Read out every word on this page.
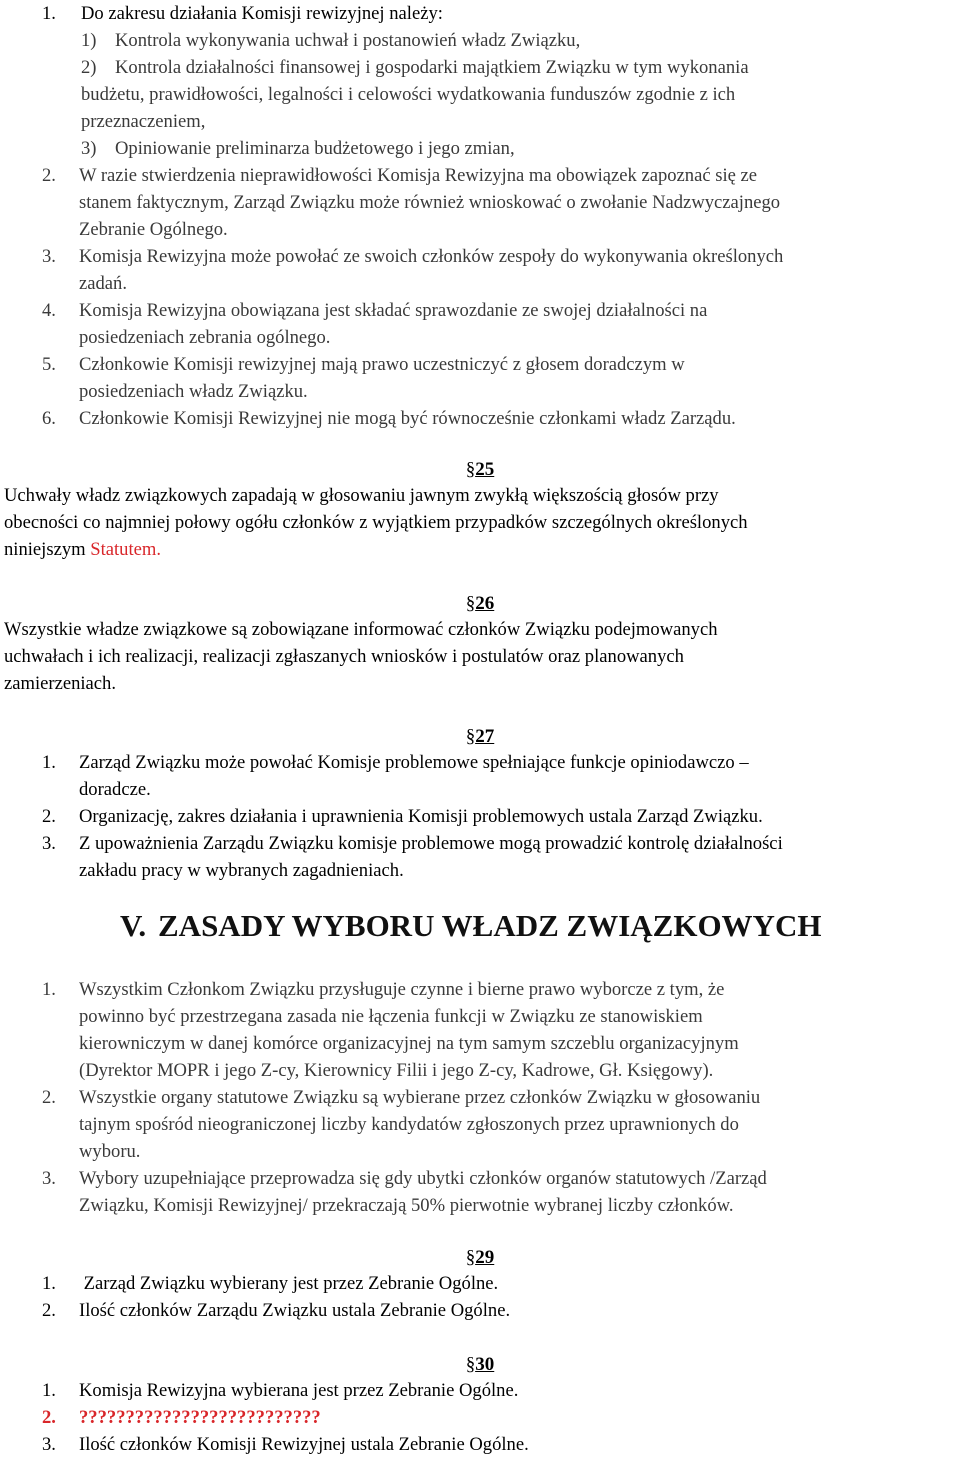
1. Do zakresu działania Komisji rewizyjnej należy:
1) Kontrola wykonywania uchwał i postanowień władz Związku,
2) Kontrola działalności finansowej i gospodarki majątkiem Związku w tym wykonania
budżetu, prawidłowości, legalności i celowości wydatkowania funduszów zgodnie z ich
przeznaczeniem,
3) Opiniowanie preliminarza budżetowego i jego zmian,
2. W razie stwierdzenia nieprawidłowości Komisja Rewizyjna ma obowiązek zapoznać się ze
stanem faktycznym, Zarząd Związku może również wnioskować o zwołanie Nadzwyczajnego
Zebranie Ogólnego.
3. Komisja Rewizyjna może powołać ze swoich członków zespoły do wykonywania określonych
zadań.
4. Komisja Rewizyjna obowiązana jest składać sprawozdanie ze swojej działalności na
posiedzeniach zebrania ogólnego.
5. Członkowie Komisji rewizyjnej mają prawo uczestniczyć z głosem doradczym w
posiedzeniach władz Związku.
6. Członkowie Komisji Rewizyjnej nie mogą być równocześnie członkami władz Zarządu.
§25
Uchwały władz związkowych zapadają w głosowaniu jawnym zwykłą większością głosów przy
obecności co najmniej połowy ogółu członków z wyjątkiem przypadków szczególnych określonych
niniejszym Statutem.
§26
Wszystkie władze związkowe są zobowiązane informować członków Związku podejmowanych
uchwałach i ich realizacji, realizacji zgłaszanych wniosków i postulatów oraz planowanych
zamierzeniach.
§27
1. Zarząd Związku może powołać Komisje problemowe spełniające funkcje opiniodawczo –
doradcze.
2. Organizację, zakres działania i uprawnienia Komisji problemowych ustala Zarząd Związku.
3. Z upoważnienia Zarządu Związku komisje problemowe mogą prowadzić kontrolę działalności
zakładu pracy w wybranych zagadnieniach.
V. ZASADY WYBORU WŁADZ ZWIĄZKOWYCH
1. Wszystkim Członkom Związku przysługuje czynne i bierne prawo wyborcze z tym, że
powinno być przestrzegana zasada nie łączenia funkcji w Związku ze stanowiskiem
kierowniczym w danej komórce organizacyjnej na tym samym szczeblu organizacyjnym
(Dyrektor MOPR i jego Z-cy, Kierownicy Filii i jego Z-cy, Kadrowe, Gł. Księgowy).
2. Wszystkie organy statutowe Związku są wybierane przez członków Związku w głosowaniu
tajnym spośród nieograniczonej liczby kandydatów zgłoszonych przez uprawnionych do
wyboru.
3. Wybory uzupełniające przeprowadza się gdy ubytki członków organów statutowych /Zarząd
Związku, Komisji Rewizyjnej/ przekraczają 50% pierwotnie wybranej liczby członków.
§29
1. Zarząd Związku wybierany jest przez Zebranie Ogólne.
2. Ilość członków Zarządu Związku ustala Zebranie Ogólne.
§30
1. Komisja Rewizyjna wybierana jest przez Zebranie Ogólne.
2. ??????????????????????????
3. Ilość członków Komisji Rewizyjnej ustala Zebranie Ogólne.
